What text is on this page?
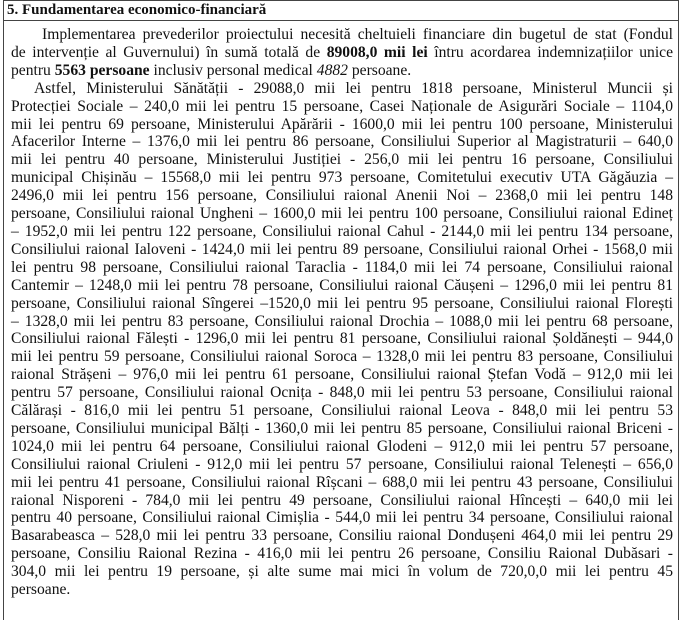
5. Fundamentarea economico-financiară
Implementarea prevederilor proiectului necesită cheltuieli financiare din bugetul de stat (Fondul
de intervenție al Guvernului) în sumă totală de 89008,0 mii lei întru acordarea indemnizațiilor unice
pentru 5563 persoane inclusiv personal medical 4882 persoane.
Astfel, Ministerului Sănătății - 29088,0 mii lei pentru 1818 persoane, Ministerul Muncii și
Protecției Sociale – 240,0 mii lei pentru 15 persoane, Casei Naționale de Asigurări Sociale – 1104,0
mii lei pentru 69 persoane, Ministerului Apărării - 1600,0 mii lei pentru 100 persoane, Ministerului
Afacerilor Interne – 1376,0 mii lei pentru 86 persoane, Consiliului Superior al Magistraturii – 640,0
mii lei pentru 40 persoane, Ministerului Justiției - 256,0 mii lei pentru 16 persoane, Consiliului
municipal Chișinău – 15568,0 mii lei pentru 973 persoane, Comitetului executiv UTA Găgăuzia –
2496,0 mii lei pentru 156 persoane, Consiliului raional Anenii Noi – 2368,0 mii lei pentru 148
persoane, Consiliului raional Ungheni – 1600,0 mii lei pentru 100 persoane, Consiliului raional Edineț
– 1952,0 mii lei pentru 122 persoane, Consiliului raional Cahul - 2144,0 mii lei pentru 134 persoane,
Consiliului raional Ialoveni - 1424,0 mii lei pentru 89 persoane, Consiliului raional Orhei - 1568,0 mii
lei pentru 98 persoane, Consiliului raional Taraclia - 1184,0 mii lei 74 persoane, Consiliului raional
Cantemir – 1248,0 mii lei pentru 78 persoane, Consiliului raional Căușeni – 1296,0 mii lei pentru 81
persoane, Consiliului raional Sîngerei –1520,0 mii lei pentru 95 persoane, Consiliului raional Florești
– 1328,0 mii lei pentru 83 persoane, Consiliului raional Drochia – 1088,0 mii lei pentru 68 persoane,
Consiliului raional Fălești - 1296,0 mii lei pentru 81 persoane, Consiliului raional Șoldănești – 944,0
mii lei pentru 59 persoane, Consiliului raional Soroca – 1328,0 mii lei pentru 83 persoane, Consiliului
raional Strășeni – 976,0 mii lei pentru 61 persoane, Consiliului raional Ștefan Vodă – 912,0 mii lei
pentru 57 persoane, Consiliului raional Ocnița - 848,0 mii lei pentru 53 persoane, Consiliului raional
Călărași - 816,0 mii lei pentru 51 persoane, Consiliului raional Leova - 848,0 mii lei pentru 53
persoane, Consiliului municipal Bălți - 1360,0 mii lei pentru 85 persoane, Consiliului raional Briceni -
1024,0 mii lei pentru 64 persoane, Consiliului raional Glodeni – 912,0 mii lei pentru 57 persoane,
Consiliului raional Criuleni - 912,0 mii lei pentru 57 persoane, Consiliului raional Telenești – 656,0
mii lei pentru 41 persoane, Consiliului raional Rîșcani – 688,0 mii lei pentru 43 persoane, Consiliului
raional Nisporeni - 784,0 mii lei pentru 49 persoane, Consiliului raional Hîncești – 640,0 mii lei
pentru 40 persoane, Consiliului raional Cimișlia - 544,0 mii lei pentru 34 persoane, Consiliului raional
Basarabeasca – 528,0 mii lei pentru 33 persoane, Consiliu raional Dondușeni 464,0 mii lei pentru 29
persoane, Consiliu Raional Rezina - 416,0 mii lei pentru 26 persoane, Consiliu Raional Dubăsari -
304,0 mii lei pentru 19 persoane, și alte sume mai mici în volum de 720,0,0 mii lei pentru 45
persoane.
